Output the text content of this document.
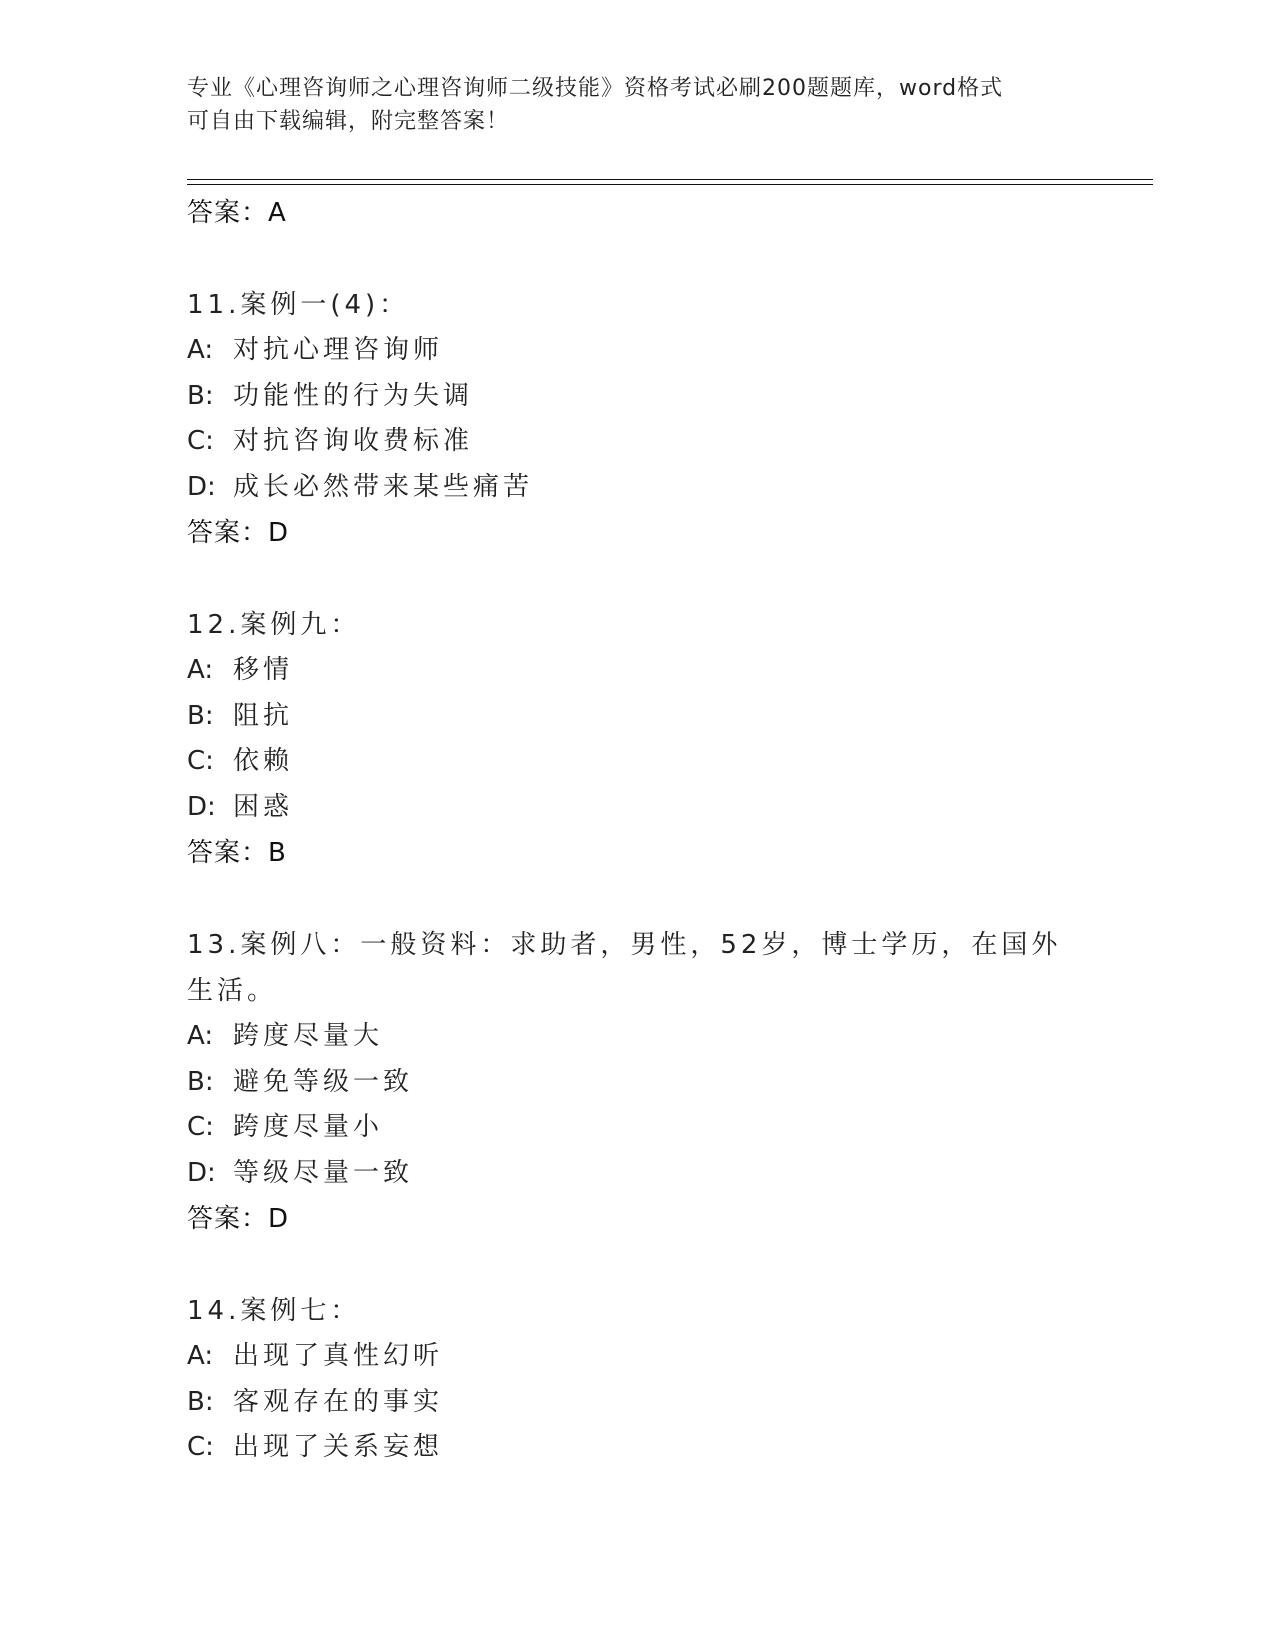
专业《心理咨询师之心理咨询师二级技能》资格考试必刷200题题库，word格式
可自由下载编辑，附完整答案！
答案：A
11.案例一(4)：
A: 对抗心理咨询师
B: 功能性的行为失调
C: 对抗咨询收费标准
D: 成长必然带来某些痛苦
答案：D
12.案例九：
A: 移情
B: 阻抗
C: 依赖
D: 困惑
答案：B
13.案例八：一般资料：求助者，男性，52岁，博士学历，在国外生活。
A: 跨度尽量大
B: 避免等级一致
C: 跨度尽量小
D: 等级尽量一致
答案：D
14.案例七：
A: 出现了真性幻听
B: 客观存在的事实
C: 出现了关系妄想
